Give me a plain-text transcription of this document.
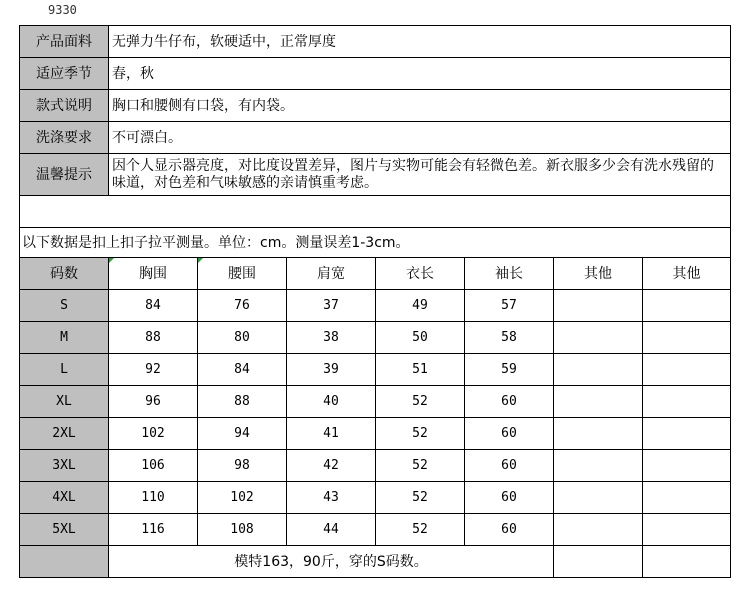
9330
产品面料	无弹力牛仔布，软硬适中，正常厚度						
适应季节	春，秋						
款式说明	胸口和腰侧有口袋，有内袋。						
洗涤要求	不可漂白。						
温馨提示	因个人显示器亮度，对比度设置差异，图片与实物可能会有轻微色差。新衣服多少会有洗水残留的味道，对色差和气味敏感的亲请慎重考虑。						

以下数据是扣上扣子拉平测量。单位：cm。测量误差1-3cm。							
码数	胸围	腰围	肩宽	衣长	袖长	其他	其他
S	84	76	37	49	57		
M	88	80	38	50	58		
L	92	84	39	51	59		
XL	96	88	40	52	60		
2XL	102	94	41	52	60		
3XL	106	98	42	52	60		
4XL	110	102	43	52	60		
5XL	116	108	44	52	60		
	模特163，90斤，穿的S码数。						
